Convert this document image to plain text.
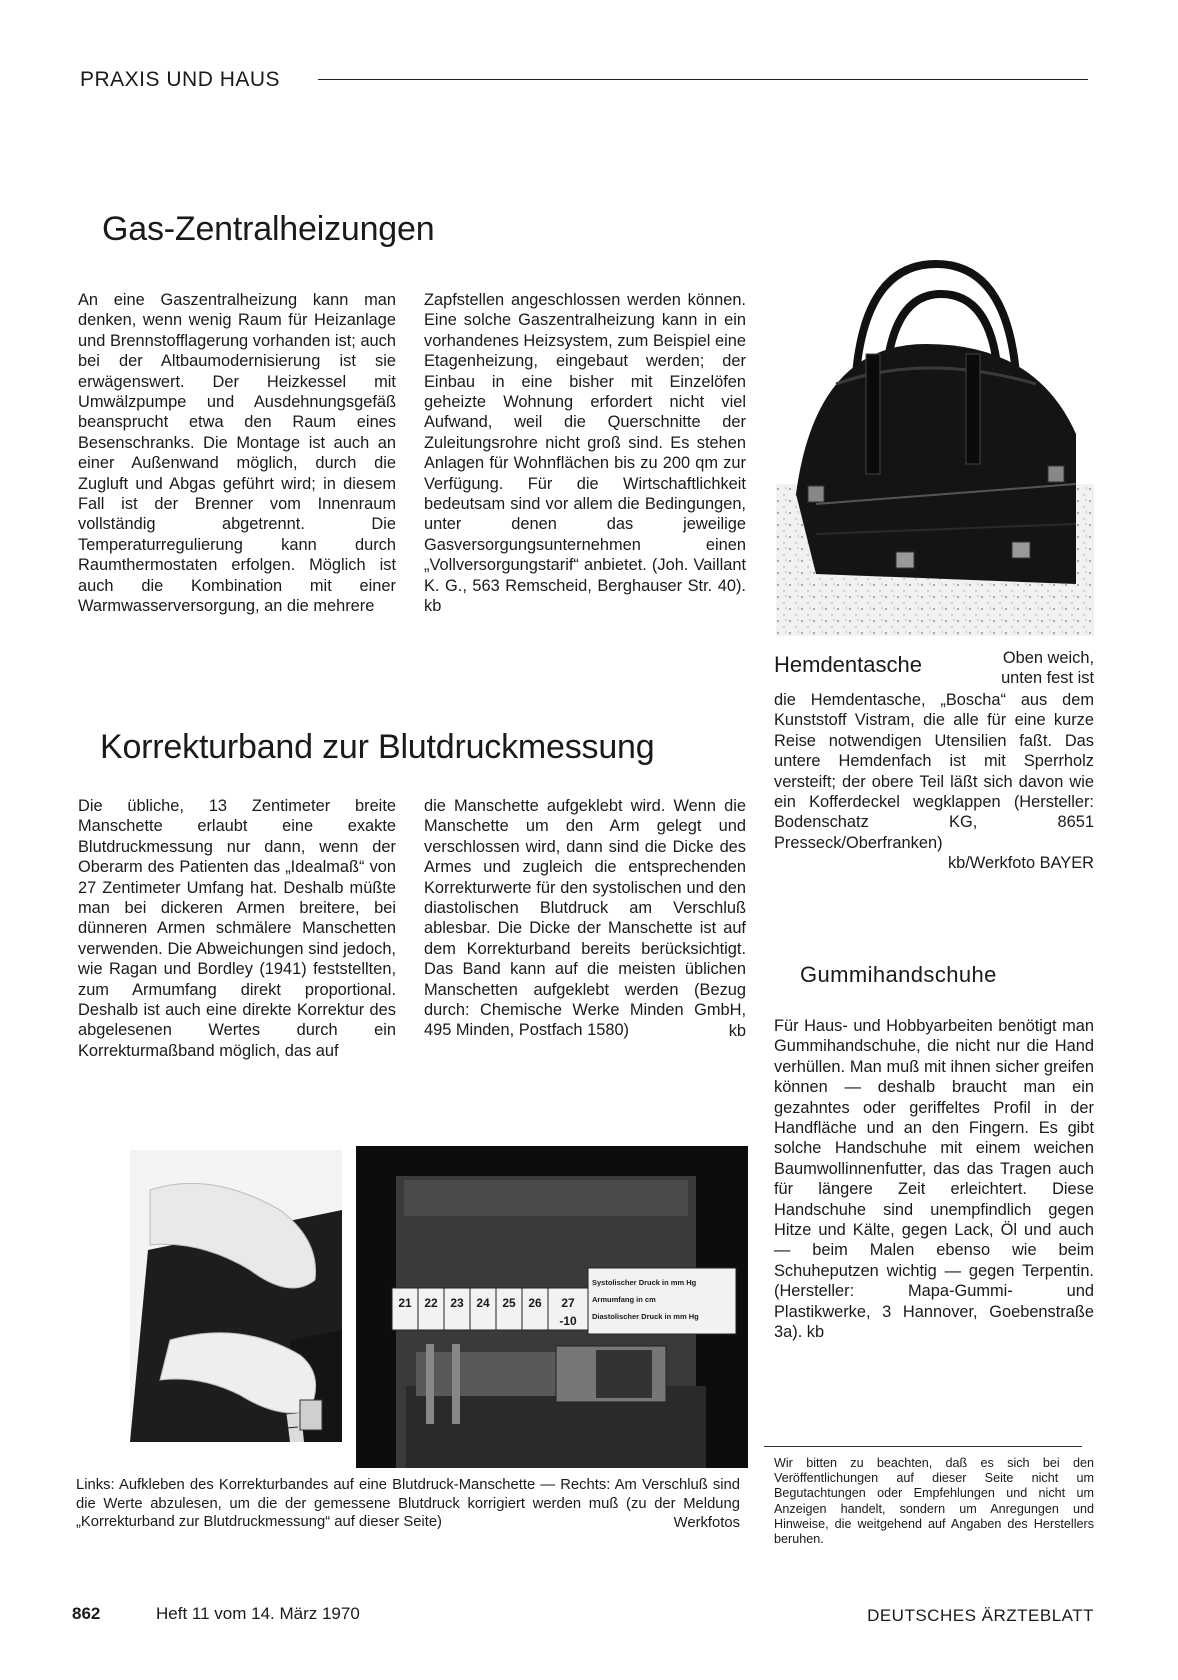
PRAXIS UND HAUS
Gas-Zentralheizungen

An eine Gaszentralheizung kann man denken, wenn wenig Raum für Heizanlage und Brennstofflagerung vorhanden ist; auch bei der Altbaumodernisierung ist sie erwägenswert. Der Heizkessel mit Umwälzpumpe und Ausdehnungsgefäß beansprucht etwa den Raum eines Besenschranks. Die Montage ist auch an einer Außenwand möglich, durch die Zugluft und Abgas geführt wird; in diesem Fall ist der Brenner vom Innenraum vollständig abgetrennt. Die Temperaturregulierung kann durch Raumthermostaten erfolgen. Möglich ist auch die Kombination mit einer Warmwasserversorgung, an die mehrere

Zapfstellen angeschlossen werden können. Eine solche Gaszentralheizung kann in ein vorhandenes Heizsystem, zum Beispiel eine Etagenheizung, eingebaut werden; der Einbau in eine bisher mit Einzelöfen geheizte Wohnung erfordert nicht viel Aufwand, weil die Querschnitte der Zuleitungsrohre nicht groß sind. Es stehen Anlagen für Wohnflächen bis zu 200 qm zur Verfügung. Für die Wirtschaftlichkeit bedeutsam sind vor allem die Bedingungen, unter denen das jeweilige Gasversorgungsunternehmen einen „Vollversorgungstarif“ anbietet. (Joh. Vaillant K. G., 563 Remscheid, Berghauser Str. 40). kb

Korrekturband zur Blutdruckmessung

Die übliche, 13 Zentimeter breite Manschette erlaubt eine exakte Blutdruckmessung nur dann, wenn der Oberarm des Patienten das „Idealmaß“ von 27 Zentimeter Umfang hat. Deshalb müßte man bei dickeren Armen breitere, bei dünneren Armen schmälere Manschetten verwenden. Die Abweichungen sind jedoch, wie Ragan und Bordley (1941) feststellten, zum Armumfang direkt proportional. Deshalb ist auch eine direkte Korrektur des abgelesenen Wertes durch ein Korrekturmaßband möglich, das auf

die Manschette aufgeklebt wird. Wenn die Manschette um den Arm gelegt und verschlossen wird, dann sind die Dicke des Armes und zugleich die entsprechenden Korrekturwerte für den systolischen und den diastolischen Blutdruck am Verschluß ablesbar. Die Dicke der Manschette ist auf dem Korrekturband bereits berücksichtigt. Das Band kann auf die meisten üblichen Manschetten aufgeklebt werden (Bezug durch: Chemische Werke Minden GmbH, 495 Minden, Postfach 1580)	kb
21	22	23	24	25	26	27
-10
Systolischer Druck in mm Hg
Armumfang in cm
Diastolischer Druck in mm Hg
Links: Aufkleben des Korrekturbandes auf eine Blutdruck-Manschette — Rechts: Am Verschluß sind die Werte abzulesen, um die der gemessene Blutdruck korrigiert werden muß (zu der Meldung „Korrekturband zur Blutdruckmessung“ auf dieser Seite)	Werkfotos
Hemdentasche	Oben weich,
unten fest ist

die Hemdentasche, „Boscha“ aus dem Kunststoff Vistram, die alle für eine kurze Reise notwendigen Utensilien faßt. Das untere Hemdenfach ist mit Sperrholz versteift; der obere Teil läßt sich davon wie ein Kofferdeckel wegklappen (Hersteller: Bodenschatz KG, 8651 Presseck/Oberfranken)

kb/Werkfoto BAYER
Gummihandschuhe

Für Haus- und Hobbyarbeiten benötigt man Gummihandschuhe, die nicht nur die Hand verhüllen. Man muß mit ihnen sicher greifen können — deshalb braucht man ein gezahntes oder geriffeltes Profil in der Handfläche und an den Fingern. Es gibt solche Handschuhe mit einem weichen Baumwollinnenfutter, das das Tragen auch für längere Zeit erleichtert. Diese Handschuhe sind unempfindlich gegen Hitze und Kälte, gegen Lack, Öl und auch — beim Malen ebenso wie beim Schuheputzen wichtig — gegen Terpentin. (Hersteller: Mapa-Gummi- und Plastikwerke, 3 Hannover, Goebenstraße 3a). kb

Wir bitten zu beachten, daß es sich bei den Veröffentlichungen auf dieser Seite nicht um Begutachtungen oder Empfehlungen und nicht um Anzeigen handelt, sondern um Anregungen und Hinweise, die weitgehend auf Angaben des Herstellers beruhen.
862	Heft 11 vom 14. März 1970	DEUTSCHES ÄRZTEBLATT
